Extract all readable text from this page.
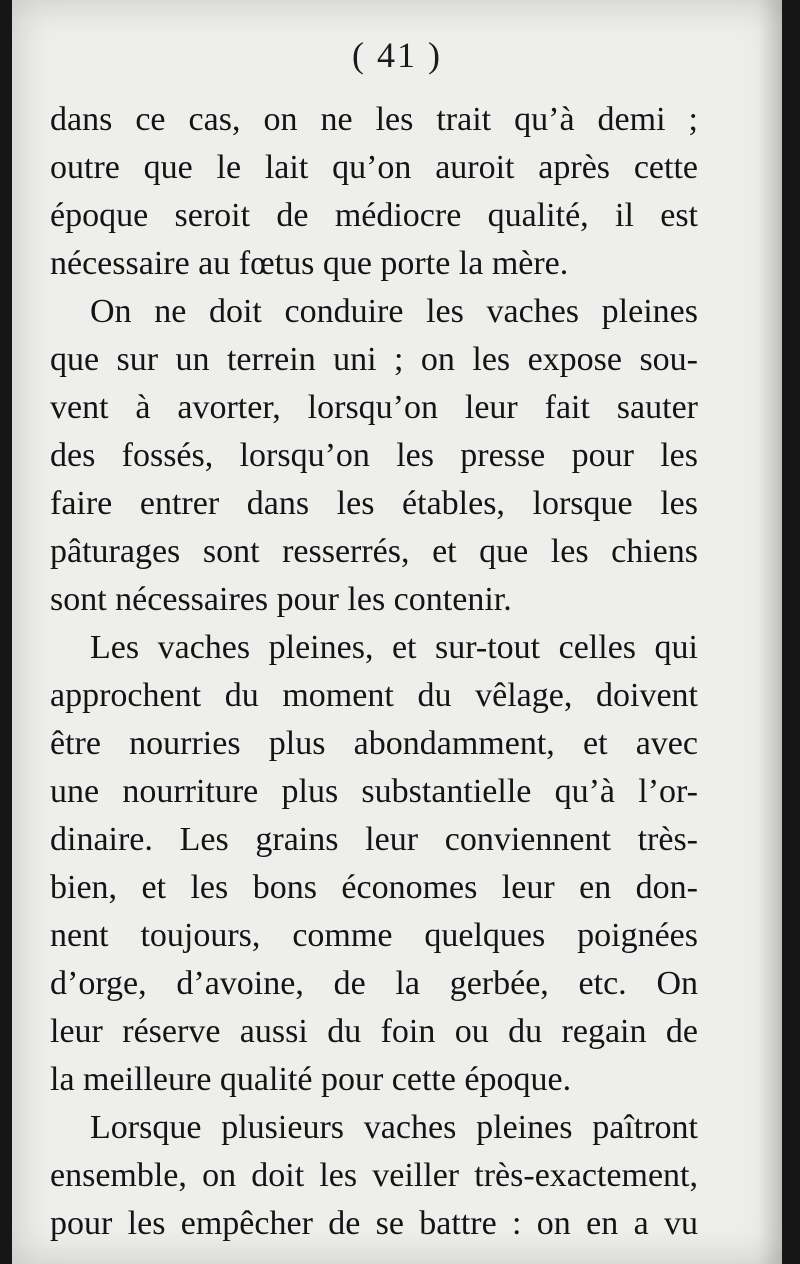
( 41 )
dans ce cas, on ne les trait qu’à demi ;
outre que le lait qu’on auroit après cette
époque seroit de médiocre qualité, il est
nécessaire au fœtus que porte la mère.
On ne doit conduire les vaches pleines
que sur un terrein uni ; on les expose sou-
vent à avorter, lorsqu’on leur fait sauter
des fossés, lorsqu’on les presse pour les
faire entrer dans les étables, lorsque les
pâturages sont resserrés, et que les chiens
sont nécessaires pour les contenir.
Les vaches pleines, et sur-tout celles qui
approchent du moment du vêlage, doivent
être nourries plus abondamment, et avec
une nourriture plus substantielle qu’à l’or-
dinaire. Les grains leur conviennent très-
bien, et les bons économes leur en don-
nent toujours, comme quelques poignées
d’orge, d’avoine, de la gerbée, etc. On
leur réserve aussi du foin ou du regain de
la meilleure qualité pour cette époque.
Lorsque plusieurs vaches pleines paîtront
ensemble, on doit les veiller très-exactement,
pour les empêcher de se battre : on en a vu
